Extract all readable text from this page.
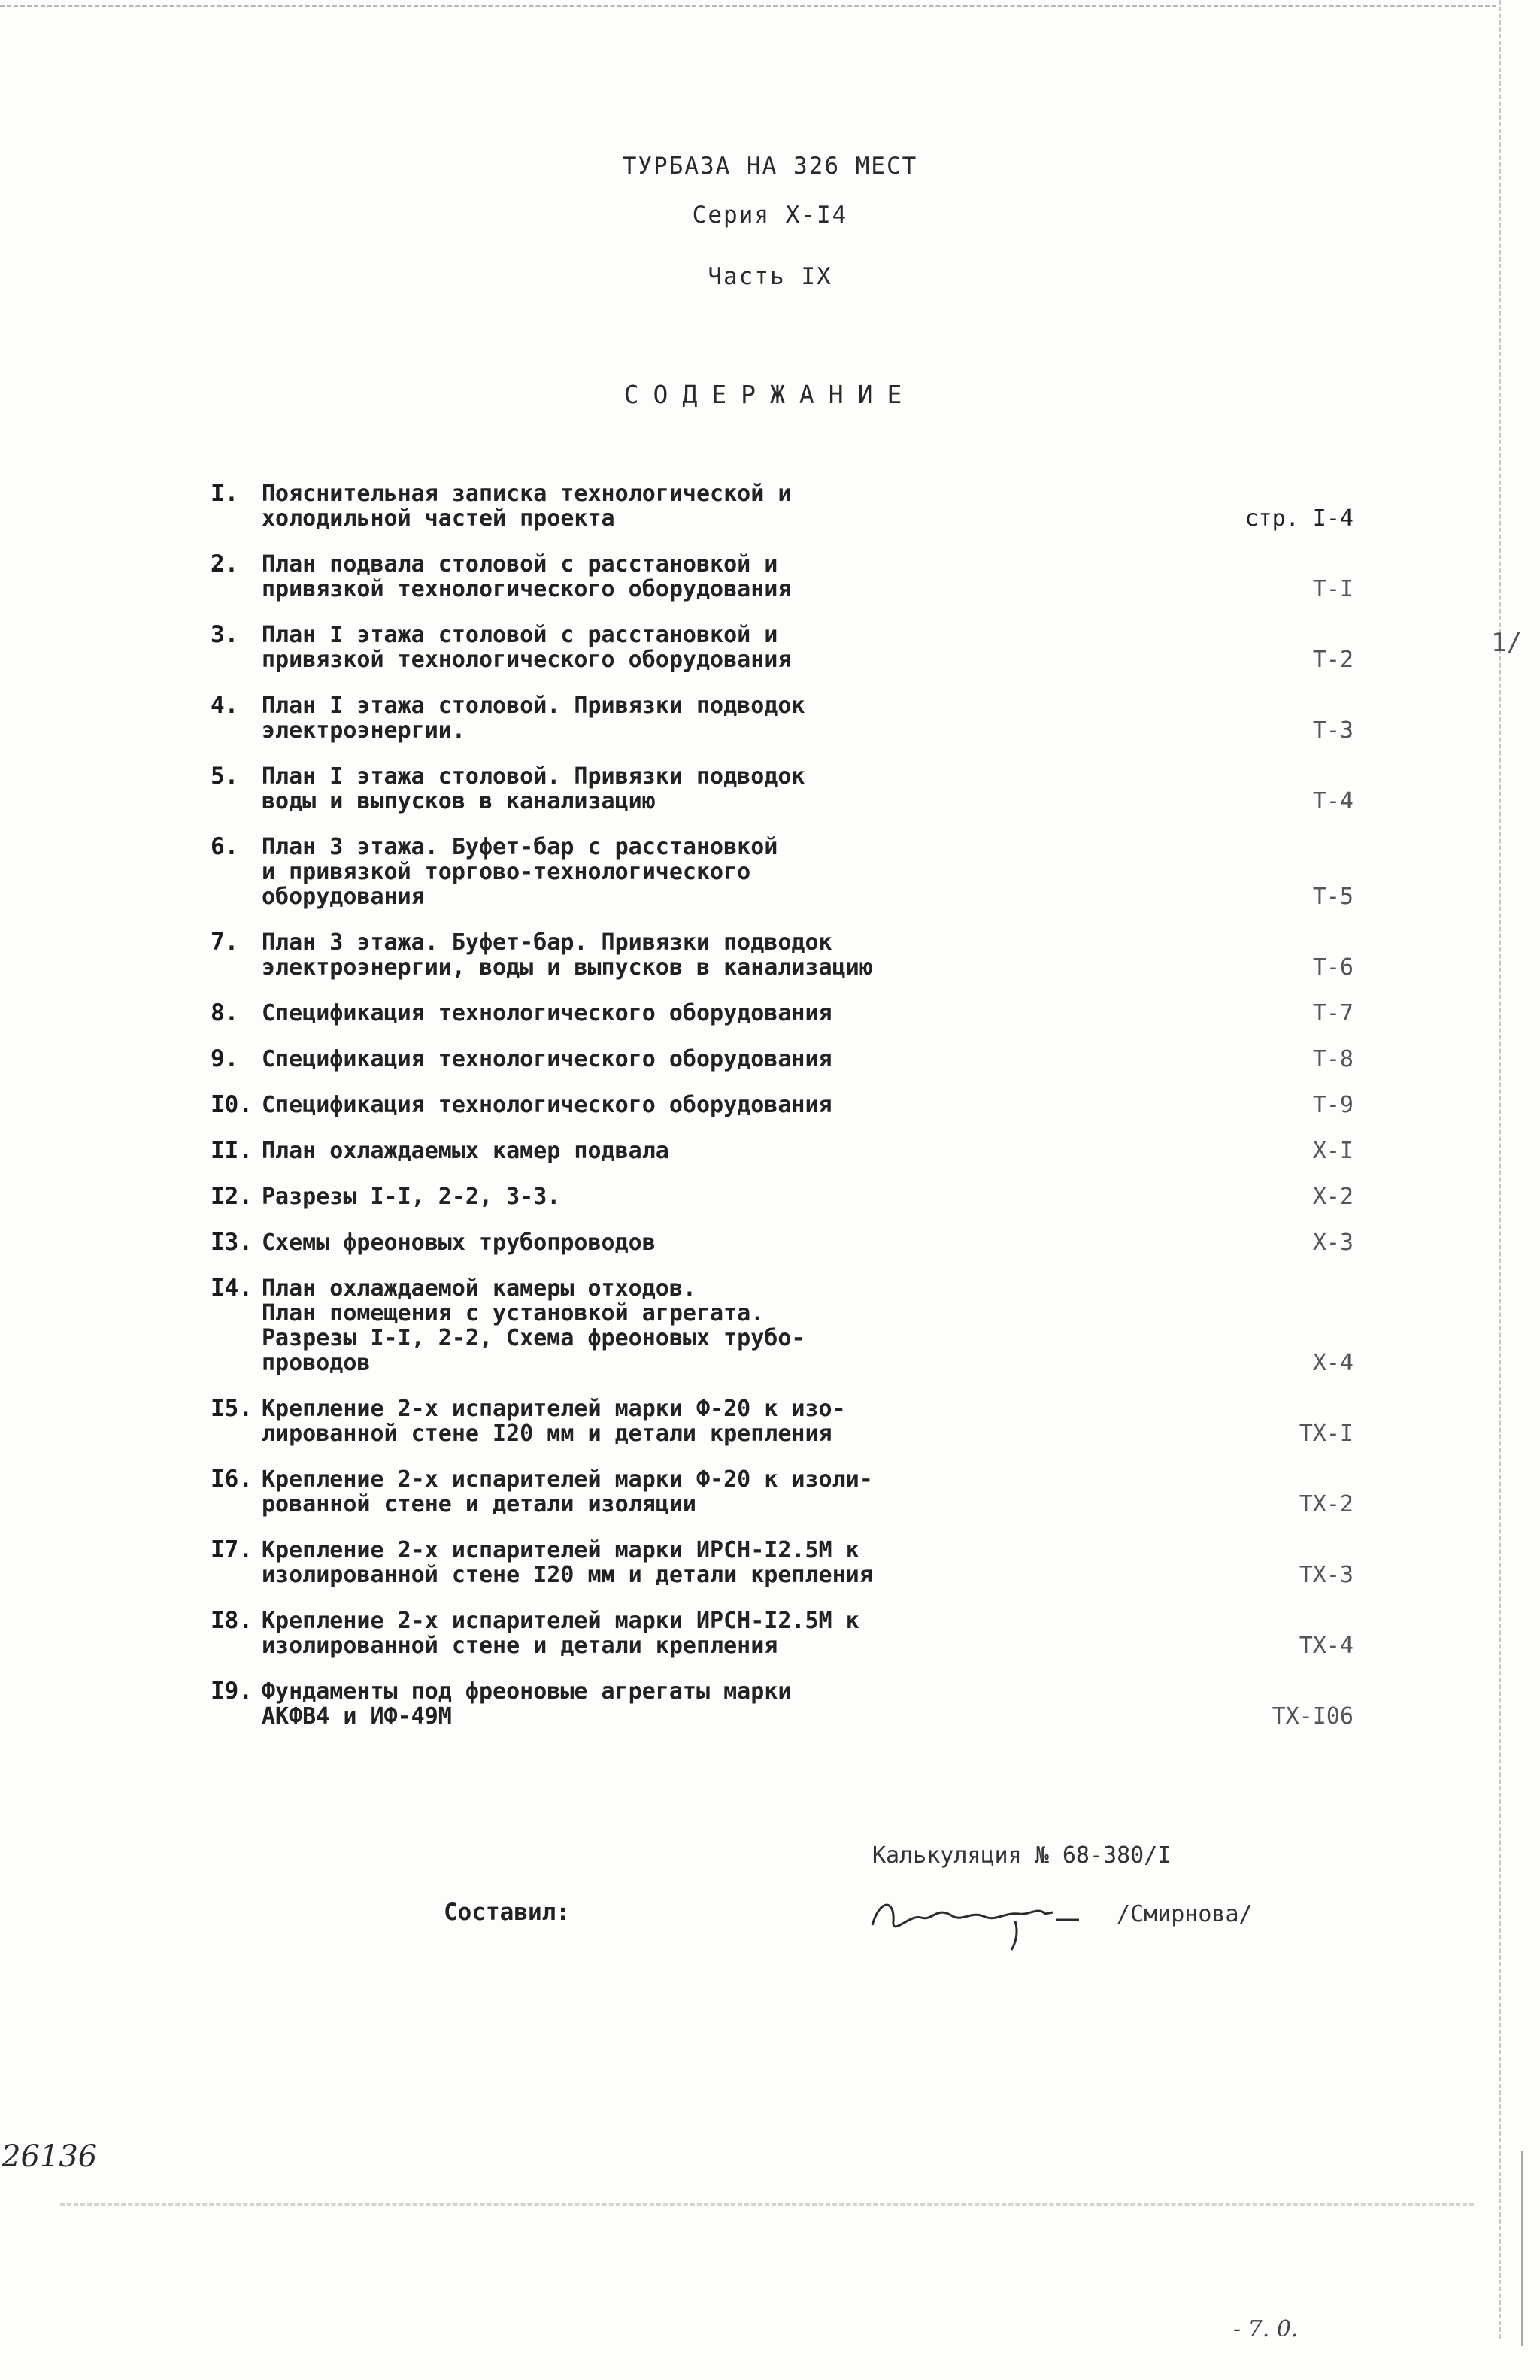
ТУРБАЗА НА 326 МЕСТ
Серия Х-I4
Часть IX
СОДЕРЖАНИЕ
I.	Пояснительная записка технологической и
холодильной частей проекта	стр. I-4
2.	План подвала столовой с расстановкой и
привязкой технологического оборудования	Т-I
3.	План I этажа столовой с расстановкой и
привязкой технологического оборудования	Т-2
4.	План I этажа столовой. Привязки подводок
электроэнергии.	Т-3
5.	План I этажа столовой. Привязки подводок
воды и выпусков в канализацию	Т-4
6.	План 3 этажа. Буфет-бар с расстановкой
и привязкой торгово-технологического
оборудования	Т-5
7.	План 3 этажа. Буфет-бар. Привязки подводок
электроэнергии, воды и выпусков в канализацию	Т-6
8.	Спецификация технологического оборудования	Т-7
9.	Спецификация технологического оборудования	Т-8
I0. Спецификация технологического оборудования	Т-9
II. План охлаждаемых камер подвала	Х-I
I2. Разрезы I-I, 2-2, 3-3.	Х-2
I3. Схемы фреоновых трубопроводов	Х-3
I4. План охлаждаемой камеры отходов.
План помещения с установкой агрегата.
Разрезы I-I, 2-2, Схема фреоновых трубо-
проводов	Х-4
I5. Крепление 2-х испарителей марки Ф-20 к изо-
лированной стене I20 мм и детали крепления	ТХ-I
I6. Крепление 2-х испарителей марки Ф-20 к изоли-
рованной стене и детали изоляции	ТХ-2
I7. Крепление 2-х испарителей марки ИРСН-I2.5М к
изолированной стене I20 мм и детали крепления	ТХ-3
I8. Крепление 2-х испарителей марки ИРСН-I2.5М к
изолированной стене и детали крепления	ТХ-4
I9. Фундаменты под фреоновые агрегаты марки
АКФВ4 и ИФ-49М	ТХ-I06
Калькуляция № 68-380/I
Составил:	/Смирнова/
26136
- 7. 0.
1/
